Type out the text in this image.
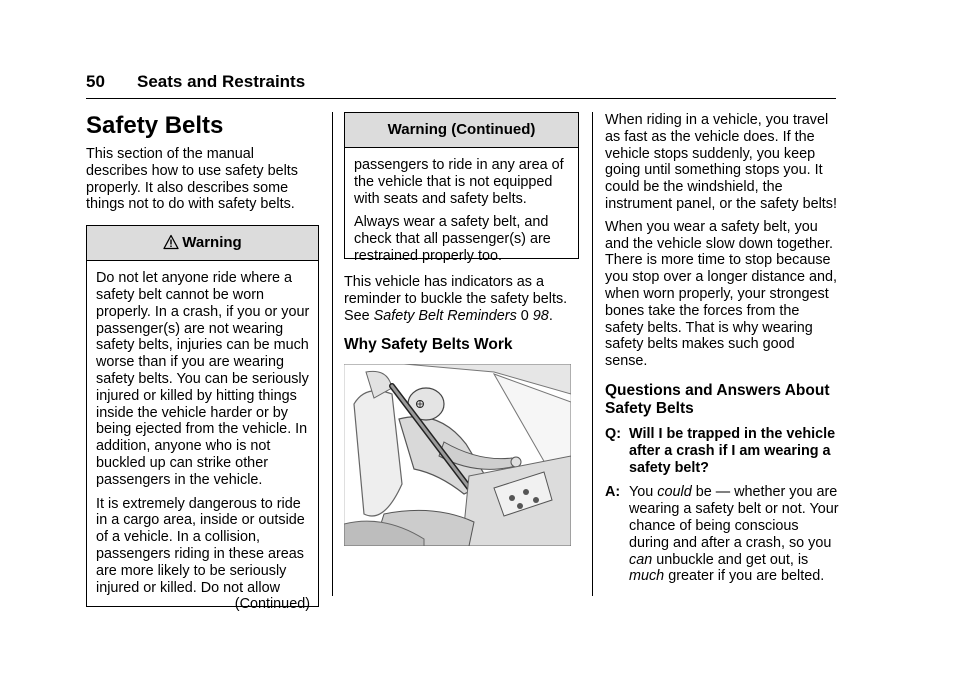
50 Seats and Restraints
Safety Belts

This section of the manual describes how to use safety belts properly. It also describes some things not to do with safety belts.

Warning

Do not let anyone ride where a safety belt cannot be worn properly. In a crash, if you or your passenger(s) are not wearing safety belts, injuries can be much worse than if you are wearing safety belts. You can be seriously injured or killed by hitting things inside the vehicle harder or by being ejected from the vehicle. In addition, anyone who is not buckled up can strike other passengers in the vehicle.

It is extremely dangerous to ride in a cargo area, inside or outside of a vehicle. In a collision, passengers riding in these areas are more likely to be seriously injured or killed. Do not allow

(Continued)
Warning (Continued)

passengers to ride in any area of the vehicle that is not equipped with seats and safety belts.

Always wear a safety belt, and check that all passenger(s) are restrained properly too.

This vehicle has indicators as a reminder to buckle the safety belts. See Safety Belt Reminders 0 98.

Why Safety Belts Work

When riding in a vehicle, you travel as fast as the vehicle does. If the vehicle stops suddenly, you keep going until something stops you. It could be the windshield, the instrument panel, or the safety belts!

When you wear a safety belt, you and the vehicle slow down together. There is more time to stop because you stop over a longer distance and, when worn properly, your strongest bones take the forces from the safety belts. That is why wearing safety belts makes such good sense.

Questions and Answers About Safety Belts
Q: Will I be trapped in the vehicle after a crash if I am wearing a safety belt?
A: You could be — whether you are wearing a safety belt or not. Your chance of being conscious during and after a crash, so you can unbuckle and get out, is much greater if you are belted.
